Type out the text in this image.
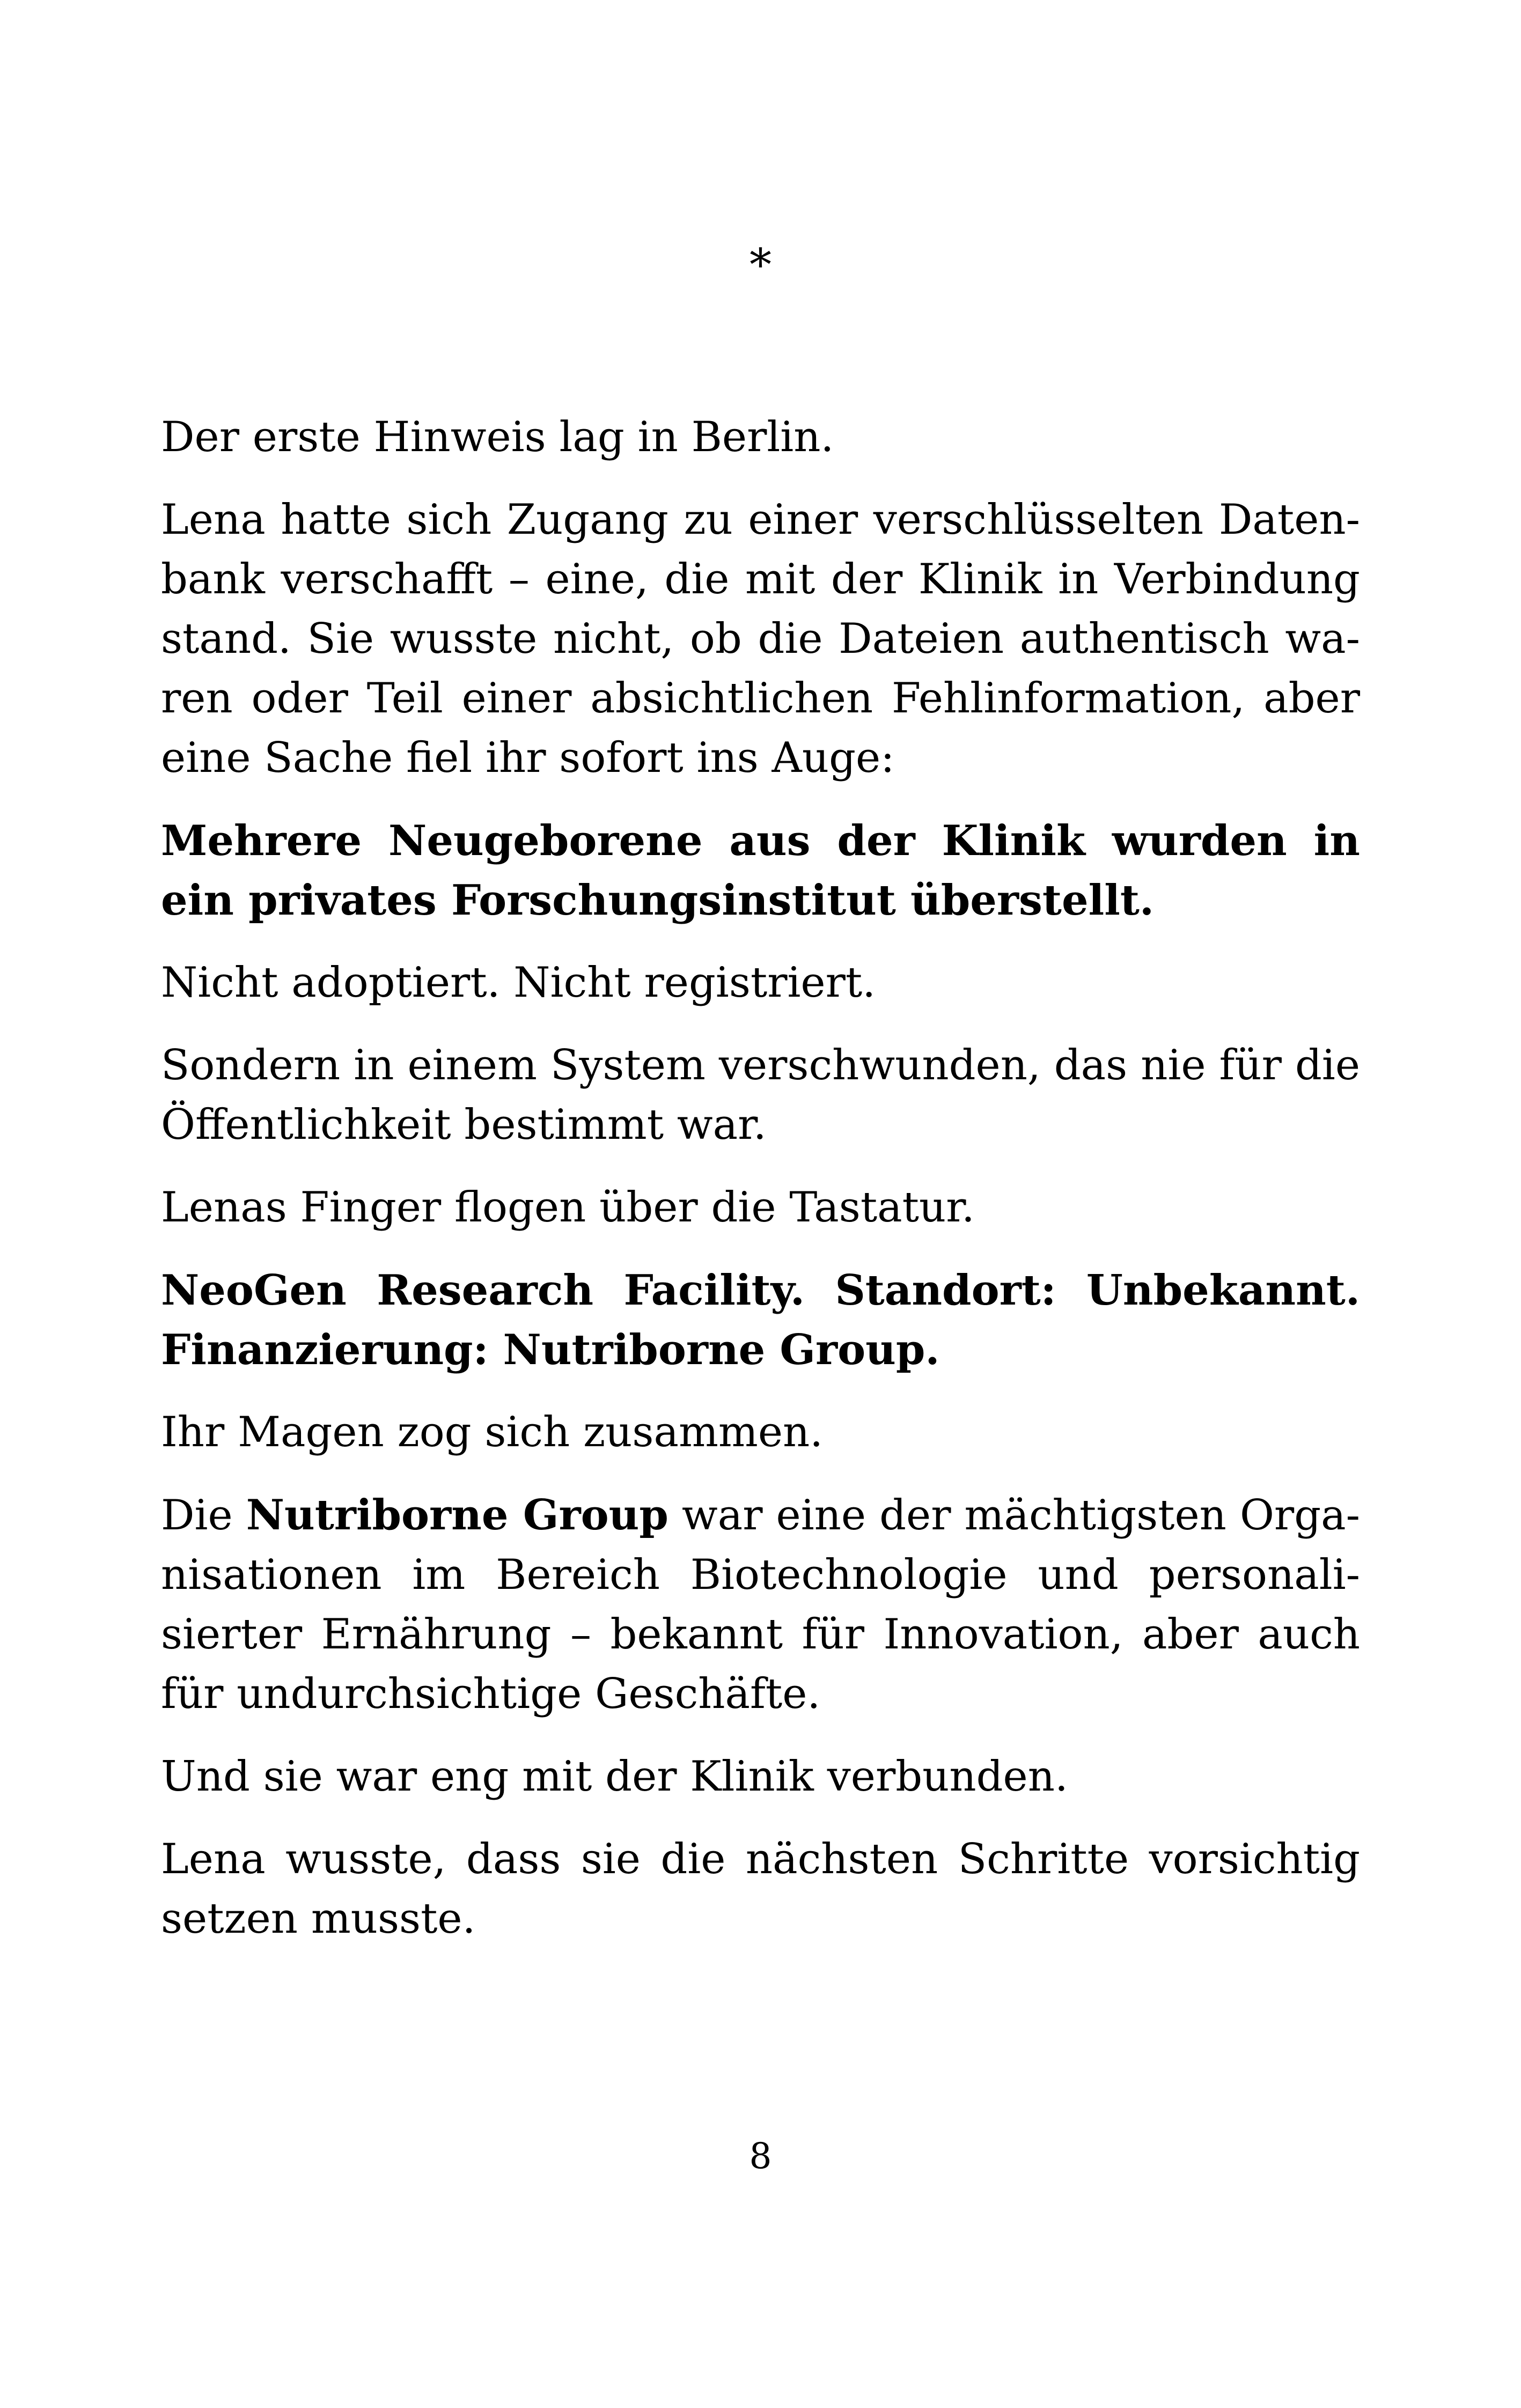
*

Der erste Hinweis lag in Berlin.

Lena hatte sich Zugang zu einer verschlüsselten Datenbank verschafft – eine, die mit der Klinik in Verbindung stand. Sie wusste nicht, ob die Dateien authentisch waren oder Teil einer absichtlichen Fehlinformation, aber eine Sache fiel ihr sofort ins Auge:

Mehrere Neugeborene aus der Klinik wurden in ein privates Forschungsinstitut überstellt.

Nicht adoptiert. Nicht registriert.

Sondern in einem System verschwunden, das nie für die Öffentlichkeit bestimmt war.

Lenas Finger flogen über die Tastatur.

NeoGen Research Facility. Standort: Unbekannt. Finanzierung: Nutriborne Group.

Ihr Magen zog sich zusammen.

Die Nutriborne Group war eine der mächtigsten Organisationen im Bereich Biotechnologie und personalisierter Ernährung – bekannt für Innovation, aber auch für undurchsichtige Geschäfte.

Und sie war eng mit der Klinik verbunden.

Lena wusste, dass sie die nächsten Schritte vorsichtig setzen musste.

8
